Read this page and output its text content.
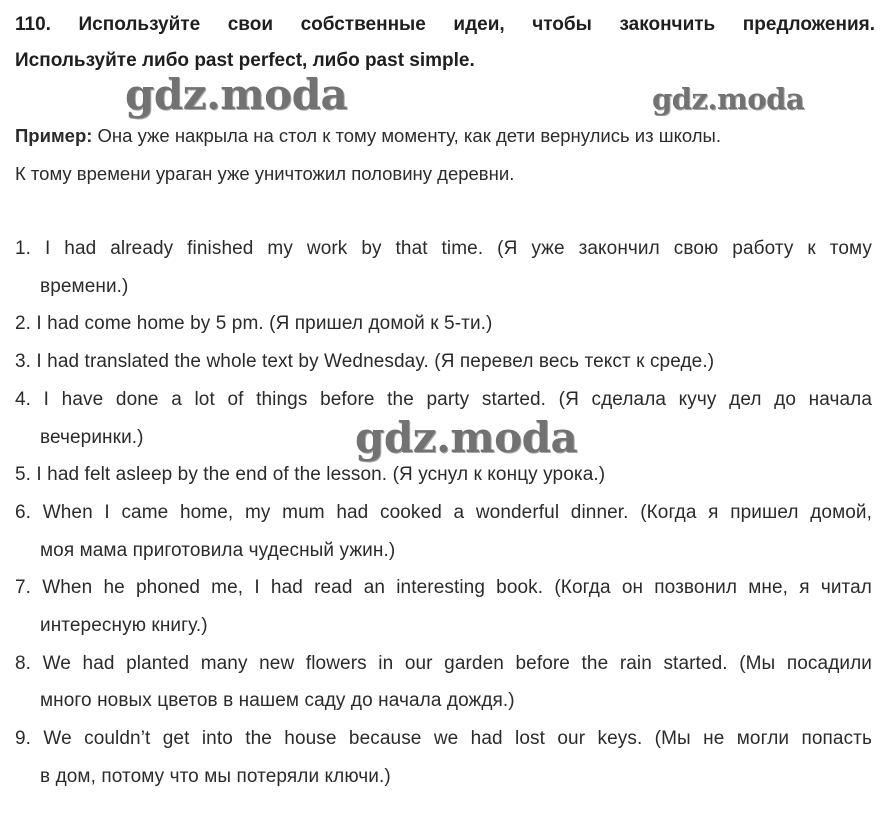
110. Используйте свои собственные идеи, чтобы закончить предложения.
Используйте либо past perfect, либо past simple.
Пример: Она уже накрыла на стол к тому моменту, как дети вернулись из школы.
К тому времени ураган уже уничтожил половину деревни.
1. I had already finished my work by that time. (Я уже закончил свою работу к тому
времени.)
2. I had come home by 5 pm. (Я пришел домой к 5-ти.)
3. I had translated the whole text by Wednesday. (Я перевел весь текст к среде.)
4. I have done a lot of things before the party started. (Я сделала кучу дел до начала
вечеринки.)
5. I had felt asleep by the end of the lesson. (Я уснул к концу урока.)
6. When I came home, my mum had cooked a wonderful dinner. (Когда я пришел домой,
моя мама приготовила чудесный ужин.)
7. When he phoned me, I had read an interesting book. (Когда он позвонил мне, я читал
интересную книгу.)
8. We had planted many new flowers in our garden before the rain started. (Мы посадили
много новых цветов в нашем саду до начала дождя.)
9. We couldn’t get into the house because we had lost our keys. (Мы не могли попасть
в дом, потому что мы потеряли ключи.)
gdz.moda	gdz.moda
gdz.moda
